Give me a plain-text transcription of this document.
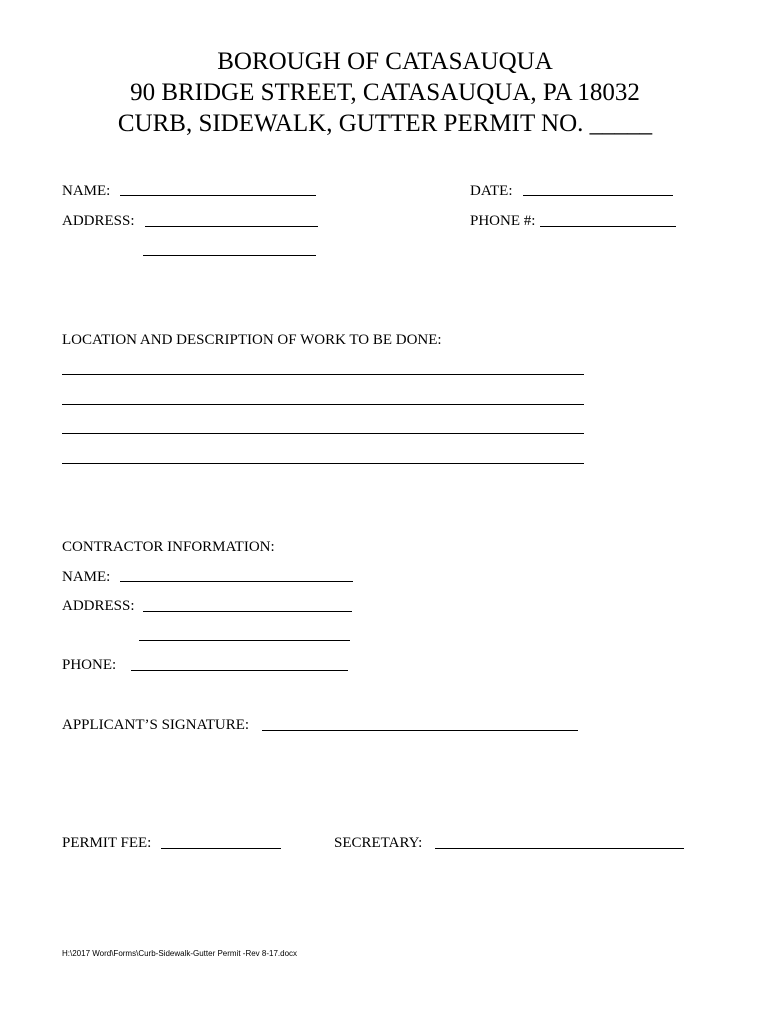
BOROUGH OF CATASAUQUA
90 BRIDGE STREET, CATASAUQUA, PA 18032
CURB, SIDEWALK, GUTTER PERMIT NO. _____
NAME:	DATE:
ADDRESS:	PHONE #:
LOCATION AND DESCRIPTION OF WORK TO BE DONE:
CONTRACTOR INFORMATION:
NAME:
ADDRESS:
PHONE:
APPLICANT’S SIGNATURE:
PERMIT FEE:	SECRETARY:
H:\2017 Word\Forms\Curb-Sidewalk-Gutter Permit -Rev 8-17.docx
